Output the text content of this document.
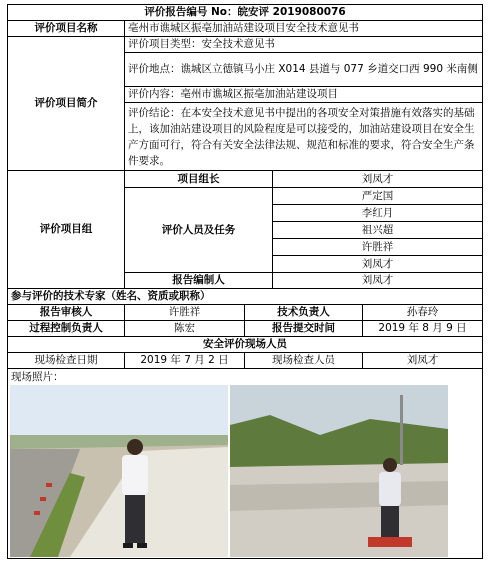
评价报告编号 No：皖安评 2019080076				
评价项目名称	亳州市谯城区振亳加油站建设项目安全技术意见书			
评价项目简介	评价项目类型：安全技术意见书			
	评价地点：谯城区立德镇马小庄 X014 县道与 077 乡道交口西 990 米南侧			
	评价内容：亳州市谯城区振亳加油站建设项目			
	评价结论：在本安全技术意见书中提出的各项安全对策措施有效落实的基础上，该加油站建设项目的风险程度是可以接受的，加油站建设项目在安全生产方面可行，符合有关安全法律法规、规范和标准的要求，符合安全生产条件要求。			
评价项目组	项目组长		刘凤才	
	评价人员及任务		严定国	
			李红月	
			祖兴超	
			许胜祥	
			刘凤才	
	报告编制人		刘凤才	
参与评价的技术专家（姓名、资质或职称）				
报告审核人	许胜祥	技术负责人		孙春玲
过程控制负责人	陈宏	报告提交时间		2019 年 8 月 9 日
安全评价现场人员				
现场检查日期	2019 年 7 月 2 日	现场检查人员		刘凤才

现场照片：				
